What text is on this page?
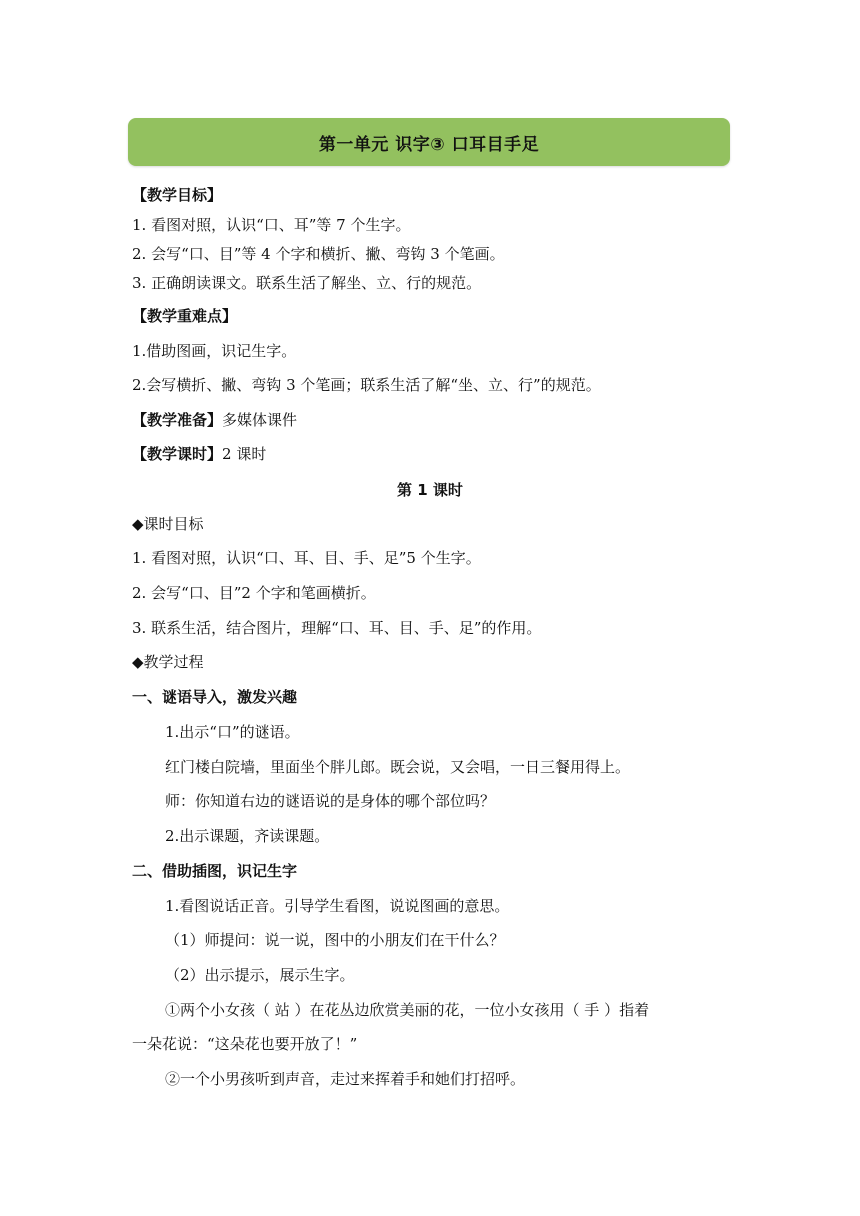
第一单元 识字③ 口耳目手足
【教学目标】
1. 看图对照，认识“口、耳”等 7 个生字。
2. 会写“口、目”等 4 个字和横折、撇、弯钩 3 个笔画。
3. 正确朗读课文。联系生活了解坐、立、行的规范。
【教学重难点】
1.借助图画，识记生字。
2.会写横折、撇、弯钩 3 个笔画；联系生活了解“坐、立、行”的规范。
【教学准备】多媒体课件
【教学课时】2 课时
第 1 课时
◆课时目标
1. 看图对照，认识“口、耳、目、手、足”5 个生字。
2. 会写“口、目”2 个字和笔画横折。
3. 联系生活，结合图片，理解“口、耳、目、手、足”的作用。
◆教学过程
一、谜语导入，激发兴趣
1.出示“口”的谜语。
红门楼白院墙，里面坐个胖儿郎。既会说，又会唱，一日三餐用得上。
师：你知道右边的谜语说的是身体的哪个部位吗？
2.出示课题，齐读课题。
二、借助插图，识记生字
1.看图说话正音。引导学生看图，说说图画的意思。
（1）师提问：说一说，图中的小朋友们在干什么？
（2）出示提示，展示生字。
①两个小女孩（ 站 ）在花丛边欣赏美丽的花，一位小女孩用（ 手 ）指着
一朵花说：“这朵花也要开放了！”
②一个小男孩听到声音，走过来挥着手和她们打招呼。
